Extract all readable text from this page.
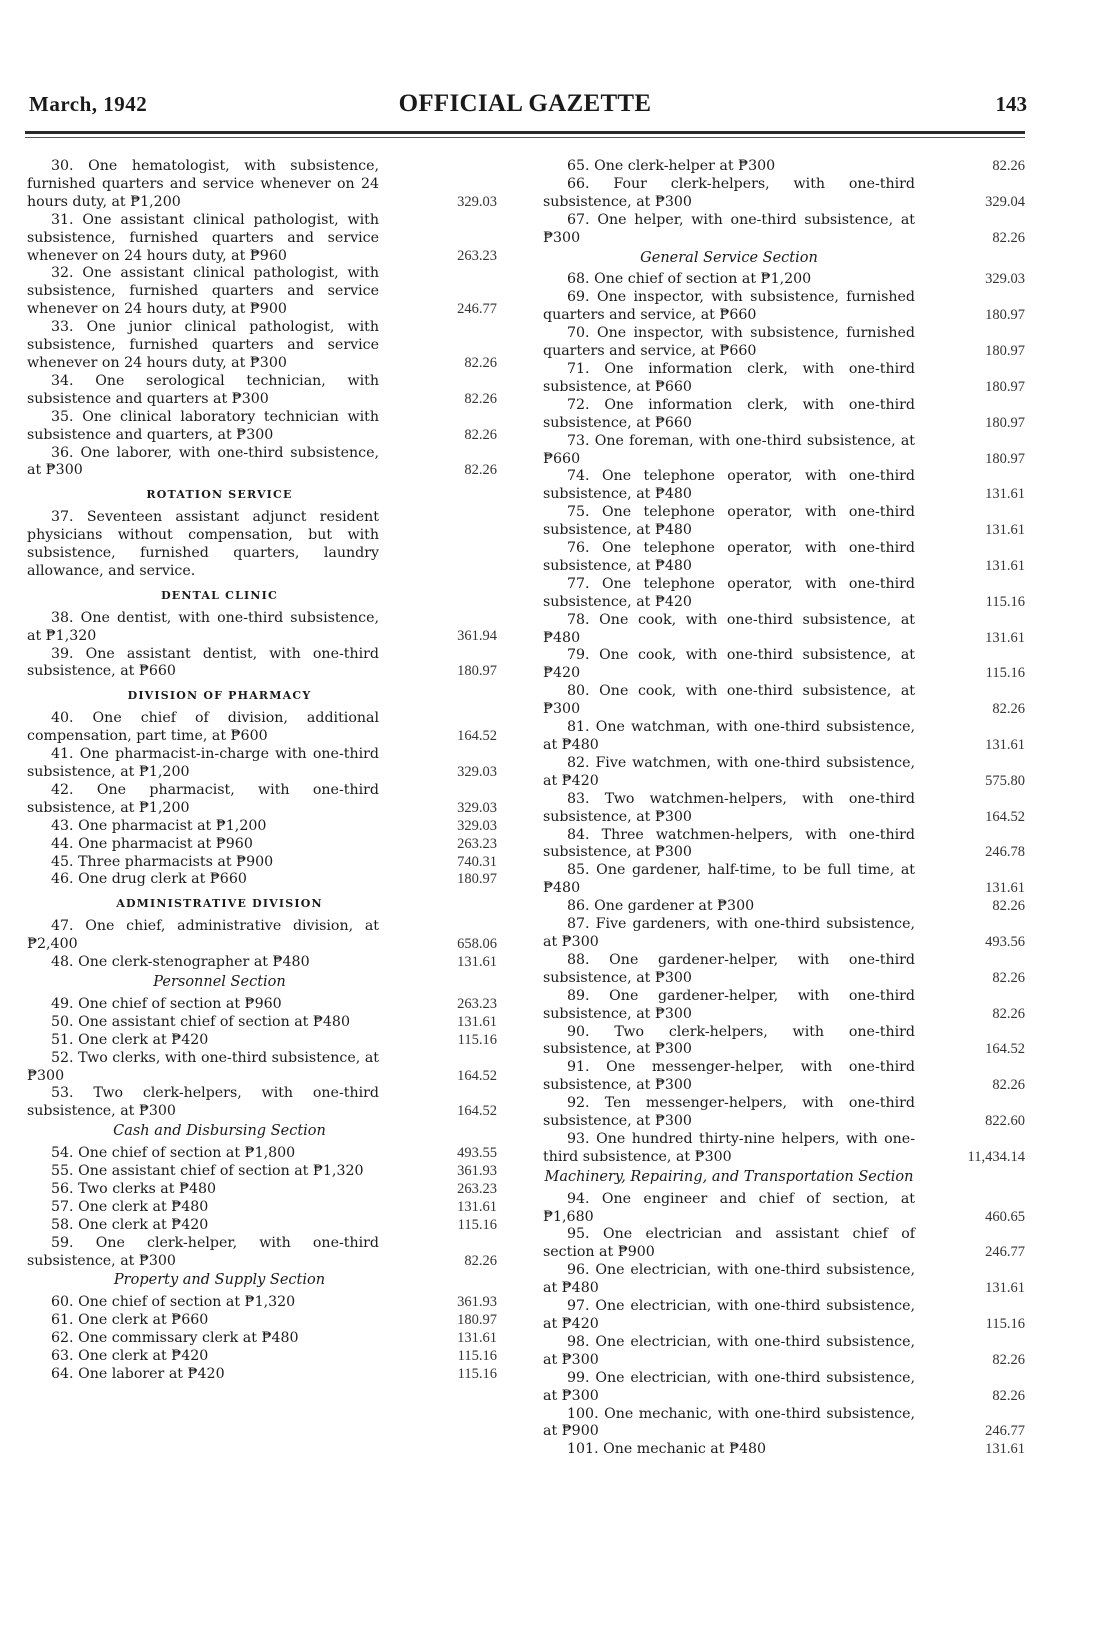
March, 1942	OFFICIAL GAZETTE	143
30. One hematologist, with subsistence, furnished quarters and service whenever on 24 hours duty, at ₱1,200	329.03
31. One assistant clinical pathologist, with subsistence, furnished quarters and service whenever on 24 hours duty, at ₱960	263.23
32. One assistant clinical pathologist, with subsistence, furnished quarters and service whenever on 24 hours duty, at ₱900	246.77
33. One junior clinical pathologist, with subsistence, furnished quarters and service whenever on 24 hours duty, at ₱300	82.26
34. One serological technician, with subsistence and quarters at ₱300	82.26
35. One clinical laboratory technician with subsistence and quarters, at ₱300	82.26
36. One laborer, with one-third subsistence, at ₱300	82.26
ROTATION SERVICE
37. Seventeen assistant adjunct resident physicians without compensation, but with subsistence, furnished quarters, laundry allowance, and service.
DENTAL CLINIC
38. One dentist, with one-third subsistence, at ₱1,320	361.94
39. One assistant dentist, with one-third subsistence, at ₱660	180.97
DIVISION OF PHARMACY
40. One chief of division, additional compensation, part time, at ₱600	164.52
41. One pharmacist-in-charge with one-third subsistence, at ₱1,200	329.03
42. One pharmacist, with one-third subsistence, at ₱1,200	329.03
43. One pharmacist at ₱1,200	329.03
44. One pharmacist at ₱960	263.23
45. Three pharmacists at ₱900	740.31
46. One drug clerk at ₱660	180.97
ADMINISTRATIVE DIVISION
47. One chief, administrative division, at ₱2,400	658.06
48. One clerk-stenographer at ₱480	131.61
Personnel Section
49. One chief of section at ₱960	263.23
50. One assistant chief of section at ₱480	131.61
51. One clerk at ₱420	115.16
52. Two clerks, with one-third subsistence, at ₱300	164.52
53. Two clerk-helpers, with one-third subsistence, at ₱300	164.52
Cash and Disbursing Section
54. One chief of section at ₱1,800	493.55
55. One assistant chief of section at ₱1,320	361.93
56. Two clerks at ₱480	263.23
57. One clerk at ₱480	131.61
58. One clerk at ₱420	115.16
59. One clerk-helper, with one-third subsistence, at ₱300	82.26
Property and Supply Section
60. One chief of section at ₱1,320	361.93
61. One clerk at ₱660	180.97
62. One commissary clerk at ₱480	131.61
63. One clerk at ₱420	115.16
64. One laborer at ₱420	115.16
65. One clerk-helper at ₱300	82.26
66. Four clerk-helpers, with one-third subsistence, at ₱300	329.04
67. One helper, with one-third subsistence, at ₱300	82.26
General Service Section
68. One chief of section at ₱1,200	329.03
69. One inspector, with subsistence, furnished quarters and service, at ₱660	180.97
70. One inspector, with subsistence, furnished quarters and service, at ₱660	180.97
71. One information clerk, with one-third subsistence, at ₱660	180.97
72. One information clerk, with one-third subsistence, at ₱660	180.97
73. One foreman, with one-third subsistence, at ₱660	180.97
74. One telephone operator, with one-third subsistence, at ₱480	131.61
75. One telephone operator, with one-third subsistence, at ₱480	131.61
76. One telephone operator, with one-third subsistence, at ₱480	131.61
77. One telephone operator, with one-third subsistence, at ₱420	115.16
78. One cook, with one-third subsistence, at ₱480	131.61
79. One cook, with one-third subsistence, at ₱420	115.16
80. One cook, with one-third subsistence, at ₱300	82.26
81. One watchman, with one-third subsistence, at ₱480	131.61
82. Five watchmen, with one-third subsistence, at ₱420	575.80
83. Two watchmen-helpers, with one-third subsistence, at ₱300	164.52
84. Three watchmen-helpers, with one-third subsistence, at ₱300	246.78
85. One gardener, half-time, to be full time, at ₱480	131.61
86. One gardener at ₱300	82.26
87. Five gardeners, with one-third subsistence, at ₱300	493.56
88. One gardener-helper, with one-third subsistence, at ₱300	82.26
89. One gardener-helper, with one-third subsistence, at ₱300	82.26
90. Two clerk-helpers, with one-third subsistence, at ₱300	164.52
91. One messenger-helper, with one-third subsistence, at ₱300	82.26
92. Ten messenger-helpers, with one-third subsistence, at ₱300	822.60
93. One hundred thirty-nine helpers, with one-third subsistence, at ₱300	11,434.14
Machinery, Repairing, and Transportation Section
94. One engineer and chief of section, at ₱1,680	460.65
95. One electrician and assistant chief of section at ₱900	246.77
96. One electrician, with one-third subsistence, at ₱480	131.61
97. One electrician, with one-third subsistence, at ₱420	115.16
98. One electrician, with one-third subsistence, at ₱300	82.26
99. One electrician, with one-third subsistence, at ₱300	82.26
100. One mechanic, with one-third subsistence, at ₱900	246.77
101. One mechanic at ₱480	131.61
